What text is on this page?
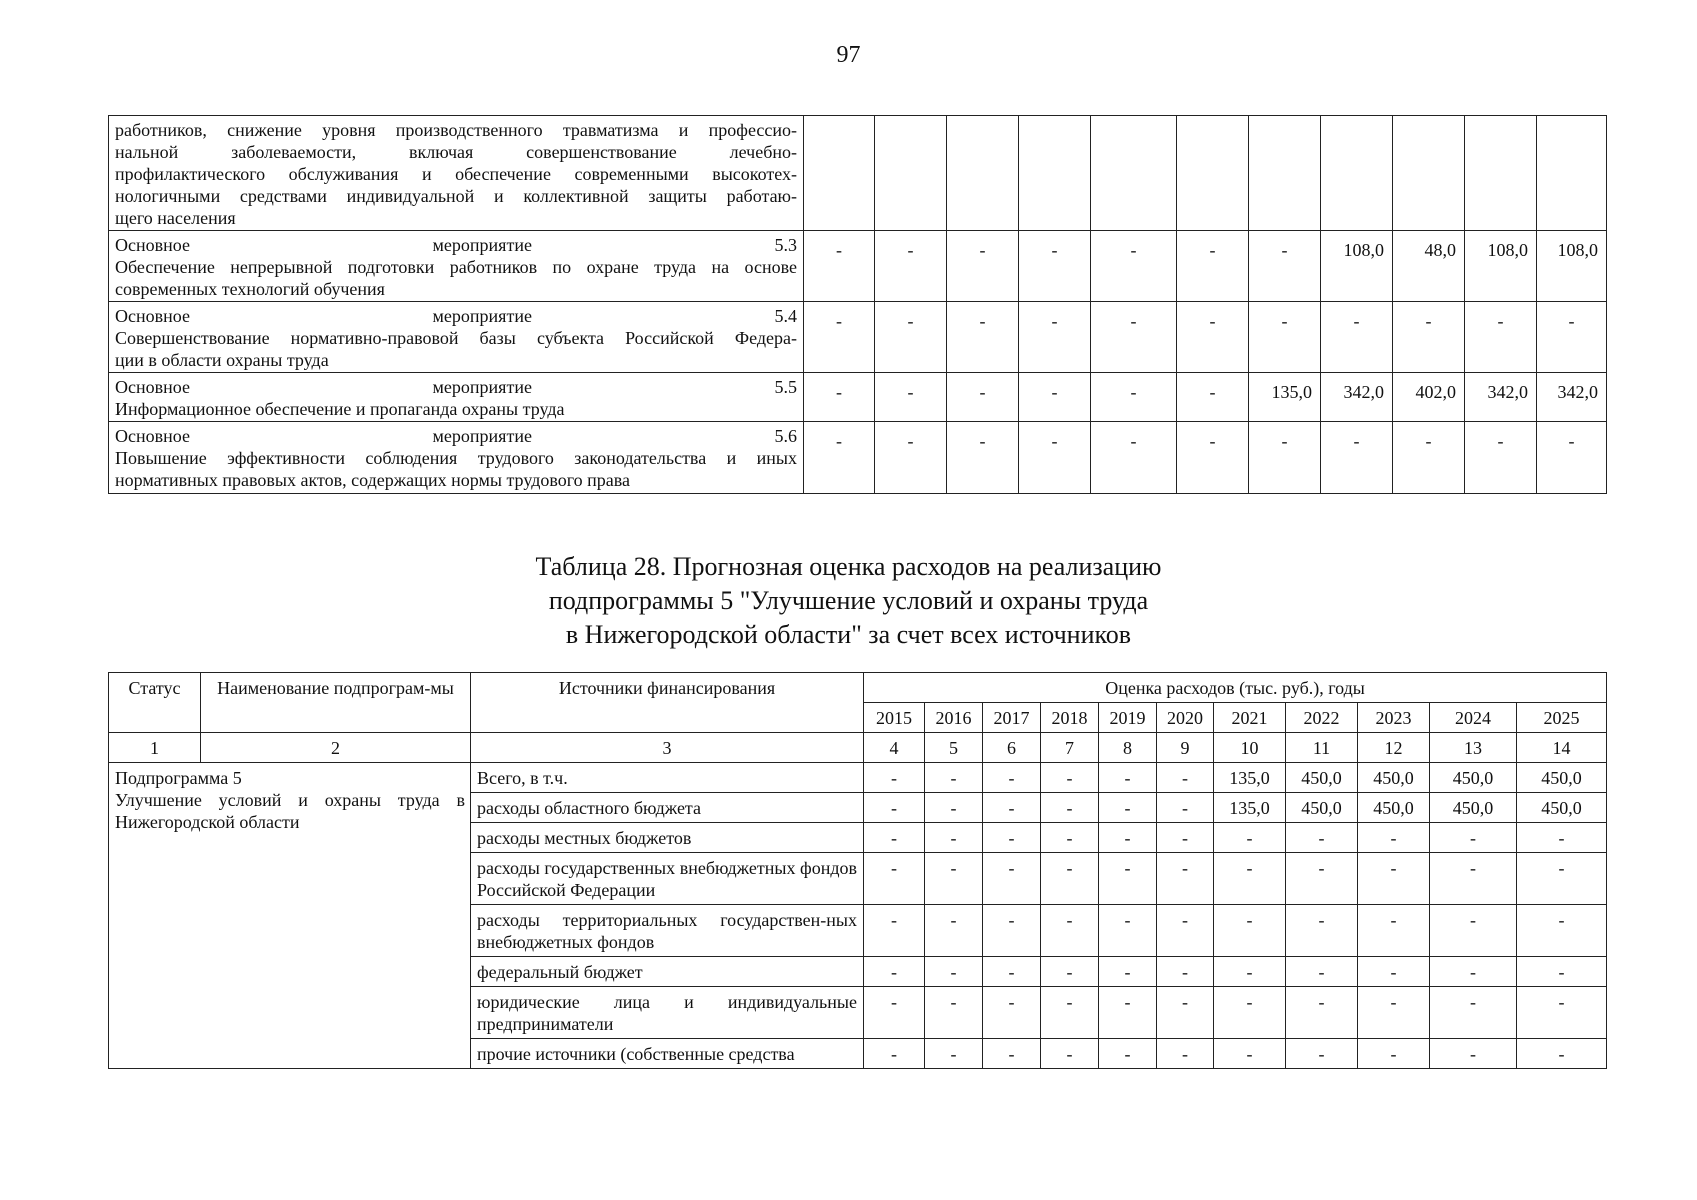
97
работников, снижение уровня производственного травматизма и профессио-
нальной заболеваемости, включая совершенствование лечебно-
профилактического обслуживания и обеспечение современными высокотех-
нологичными средствами индивидуальной и коллективной защиты работаю-
щего населения											

Основное мероприятие 5.3
Обеспечение непрерывной подготовки работников по охране труда на основе
современных технологий обучения	-	-	-	-	-	-	-	108,0	48,0	108,0	108,0

Основное мероприятие 5.4
Совершенствование нормативно-правовой базы субъекта Российской Федера-
ции в области охраны труда	-	-	-	-	-	-	-	-	-	-	-

Основное мероприятие 5.5
Информационное обеспечение и пропаганда охраны труда	-	-	-	-	-	-	135,0	342,0	402,0	342,0	342,0

Основное мероприятие 5.6
Повышение эффективности соблюдения трудового законодательства и иных
нормативных правовых актов, содержащих нормы трудового права	-	-	-	-	-	-	-	-	-	-	-
Таблица 28. Прогнозная оценка расходов на реализацию
подпрограммы 5 "Улучшение условий и охраны труда
в Нижегородской области" за счет всех источников
Статус	Наименование подпрограм-мы	Источники финансирования	Оценка расходов (тыс. руб.), годы										
			2015	2016	2017	2018	2019	2020	2021	2022	2023	2024	2025
1	2	3	4	5	6	7	8	9	10	11	12	13	14

Подпрограмма 5
Улучшение условий и охраны труда в Нижегородской области		Всего, в т.ч.	-	-	-	-	-	-	135,0	450,0	450,0	450,0	450,0
		расходы областного бюджета	-	-	-	-	-	-	135,0	450,0	450,0	450,0	450,0
		расходы местных бюджетов	-	-	-	-	-	-	-	-	-	-	-
		расходы государственных внебюджетных фондов Российской Федерации	-	-	-	-	-	-	-	-	-	-	-
		расходы территориальных государствен-ных внебюджетных фондов	-	-	-	-	-	-	-	-	-	-	-
		федеральный бюджет	-	-	-	-	-	-	-	-	-	-	-
		юридические лица и индивидуальные предприниматели	-	-	-	-	-	-	-	-	-	-	-
		прочие источники (собственные средства	-	-	-	-	-	-	-	-	-	-	-
